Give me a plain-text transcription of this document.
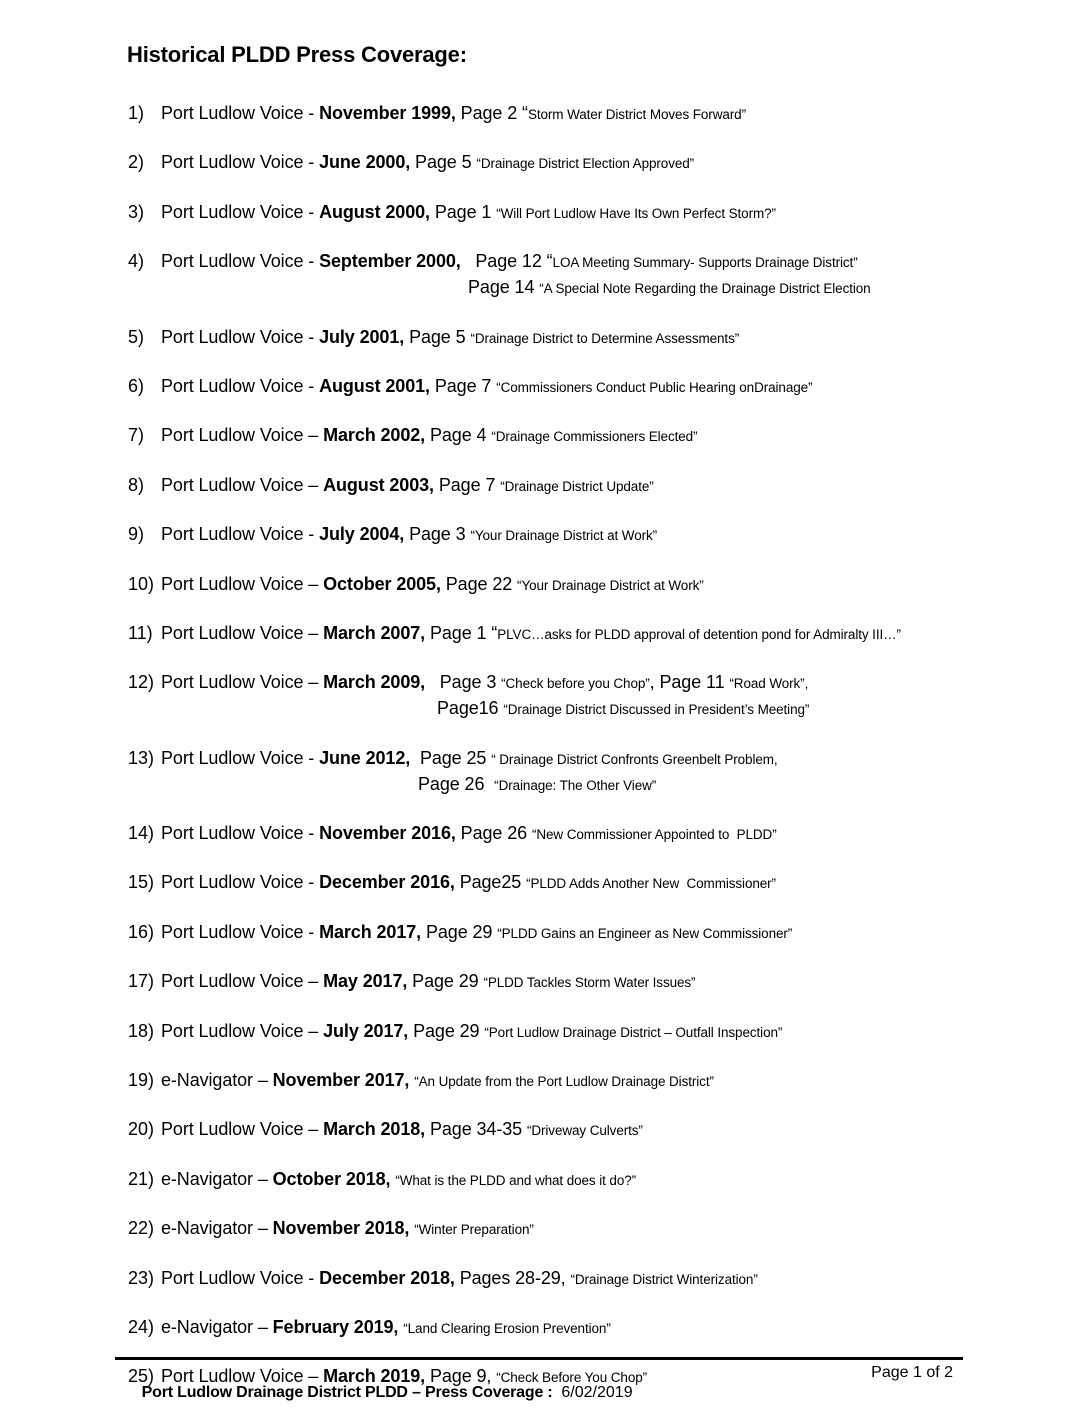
Historical PLDD Press Coverage:
1) Port Ludlow Voice - November 1999, Page 2 “Storm Water District Moves Forward”
2) Port Ludlow Voice - June 2000, Page 5 “Drainage District Election Approved”
3) Port Ludlow Voice - August 2000, Page 1 “Will Port Ludlow Have Its Own Perfect Storm?”
4) Port Ludlow Voice - September 2000,   Page 12 “LOA Meeting Summary- Supports Drainage District”
Page 14 “A Special Note Regarding the Drainage District Election
5) Port Ludlow Voice - July 2001, Page 5 “Drainage District to Determine Assessments”
6) Port Ludlow Voice - August 2001, Page 7 “Commissioners Conduct Public Hearing onDrainage”
7) Port Ludlow Voice – March 2002, Page 4 “Drainage Commissioners Elected”
8) Port Ludlow Voice – August 2003, Page 7 “Drainage District Update”
9) Port Ludlow Voice - July 2004, Page 3 “Your Drainage District at Work”
10) Port Ludlow Voice – October 2005, Page 22 “Your Drainage District at Work”
11) Port Ludlow Voice – March 2007, Page 1 “PLVC…asks for PLDD approval of detention pond for Admiralty III…”
12) Port Ludlow Voice – March 2009,   Page 3 “Check before you Chop”, Page 11 “Road Work”,
Page16 “Drainage District Discussed in President’s Meeting”
13) Port Ludlow Voice - June 2012,  Page 25 “ Drainage District Confronts Greenbelt Problem,
Page 26  “Drainage: The Other View”
14) Port Ludlow Voice - November 2016, Page 26 “New Commissioner Appointed to  PLDD”
15) Port Ludlow Voice - December 2016, Page25 “PLDD Adds Another New  Commissioner”
16) Port Ludlow Voice - March 2017, Page 29 “PLDD Gains an Engineer as New Commissioner”
17) Port Ludlow Voice – May 2017, Page 29 “PLDD Tackles Storm Water Issues”
18) Port Ludlow Voice – July 2017, Page 29 “Port Ludlow Drainage District – Outfall Inspection”
19) e-Navigator – November 2017, “An Update from the Port Ludlow Drainage District”
20) Port Ludlow Voice – March 2018, Page 34-35 “Driveway Culverts”
21) e-Navigator – October 2018, “What is the PLDD and what does it do?”
22) e-Navigator – November 2018, “Winter Preparation”
23) Port Ludlow Voice - December 2018, Pages 28-29, “Drainage District Winterization”
24) e-Navigator – February 2019, “Land Clearing Erosion Prevention”
25) Port Ludlow Voice – March 2019, Page 9, “Check Before You Chop”

Port Ludlow Drainage District PLDD – Press Coverage :  6/02/2019

Page 1 of 2
